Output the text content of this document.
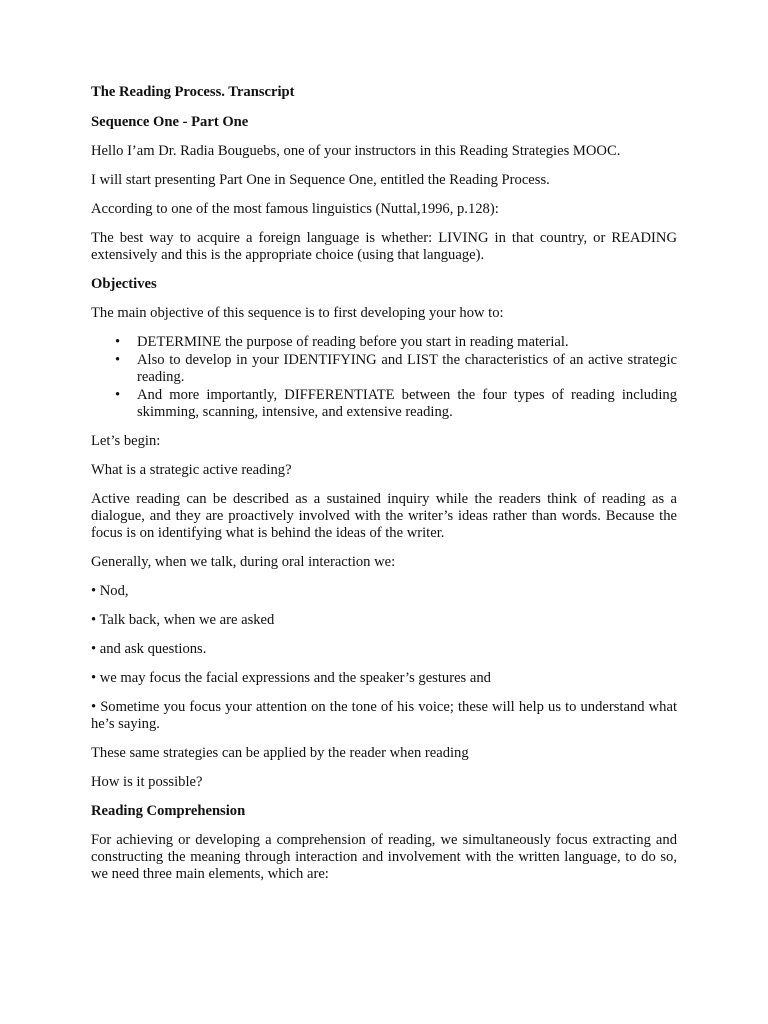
The Reading Process. Transcript

Sequence One - Part One

Hello I’am Dr. Radia Bouguebs, one of your instructors in this Reading Strategies MOOC.

I will start presenting Part One in Sequence One, entitled the Reading Process.

According to one of the most famous linguistics (Nuttal,1996, p.128):

The best way to acquire a foreign language is whether: LIVING in that country, or READING extensively and this is the appropriate choice (using that language).

Objectives

The main objective of this sequence is to first developing your how to:

• DETERMINE the purpose of reading before you start in reading material.
• Also to develop in your IDENTIFYING and LIST the characteristics of an active strategic reading.
• And more importantly, DIFFERENTIATE between the four types of reading including skimming, scanning, intensive, and extensive reading.

Let’s begin:

What is a strategic active reading?

Active reading can be described as a sustained inquiry while the readers think of reading as a dialogue, and they are proactively involved with the writer’s ideas rather than words. Because the focus is on identifying what is behind the ideas of the writer.

Generally, when we talk, during oral interaction we:

• Nod,

• Talk back, when we are asked

• and ask questions.

• we may focus the facial expressions and the speaker’s gestures and

• Sometime you focus your attention on the tone of his voice; these will help us to understand what he’s saying.

These same strategies can be applied by the reader when reading

How is it possible?

Reading Comprehension

For achieving or developing a comprehension of reading, we simultaneously focus extracting and constructing the meaning through interaction and involvement with the written language, to do so, we need three main elements, which are:
